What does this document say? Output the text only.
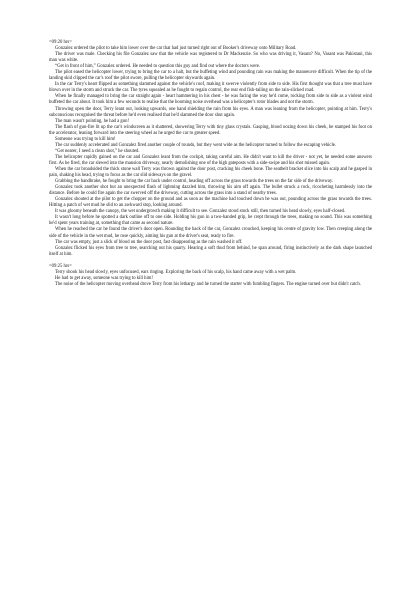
=09:20 hrs=

Gonzalez ordered the pilot to take him lower over the car that had just turned right out of Booker's driveway onto Military Road.

The driver was male. Checking his file Gonzalez saw that the vehicle was registered to Dr Mackenzie. So who was driving it, Vasant? No, Vasant was Pakistani, this man was white.

“Get in front of him,” Gonzalez ordered. He needed to question this guy and find out where the doctors were.

The pilot eased the helicopter lower, trying to bring the car to a halt, but the buffeting wind and pounding rain was making the manoeuvre difficult. When the tip of the landing skid clipped the car's roof the pilot swore, pulling the helicopter skywards again.

In the car Terry's heart flipped as something slammed against the vehicle's roof, making it swerve violently from side to side. His first thought was that a tree must have blown over in the storm and struck the car. The tyres squealed as he fought to regain control, the rear end fish-tailing on the rain-slicked road.

When he finally managed to bring the car straight again - heart hammering in his chest - he was facing the way he'd come, rocking from side to side as a violent wind buffeted the car about. It took him a few seconds to realise that the booming noise overhead was a helicopter's rotor blades and not the storm.

Throwing open the door, Terry leant out, looking upwards, one hand shielding the rain from his eyes. A man was leaning from the helicopter, pointing at him. Terry's subconscious recognised the threat before he'd even realised that he'd slammed the door shut again.

The man wasn't pointing, he had a gun!

The flash of gun-fire lit up the car's windscreen as it shattered, showering Terry with tiny glass crystals. Gasping, blood oozing down his cheek, he stamped his foot on the accelerator, leaning forward into the steering wheel as he urged the car to greater speed.

Someone was trying to kill him!

The car suddenly accelerated and Gonzalez fired another couple of rounds, but they went wide as the helicopter turned to follow the escaping vehicle.

“Get nearer, I need a clean shot,” he shouted.

The helicopter rapidly gained on the car and Gonzalez leant from the cockpit, taking careful aim. He didn't want to kill the driver - not yet, he needed some answers first. As he fired, the car slewed into the mansion driveway, nearly demolishing one of the high gateposts with a side-swipe and his shot missed again.

When the car broadsided the thick stone wall Terry was thrown against the door post, cracking his cheek bone. The seatbelt bracket slice into his scalp and he gasped in pain, shaking his head, trying to focus as the car slid sideways on the gravel.

Grabbing the handbrake, he fought to bring the car back under control, heading off across the grass towards the trees on the far side of the driveway.

Gonzalez took another shot but an unexpected flash of lightning dazzled him, throwing his aim off again. The bullet struck a rock, ricocheting harmlessly into the distance. Before he could fire again the car swerved off the driveway, cutting across the grass into a stand of nearby trees.

Gonzalez shouted at the pilot to get the chopper on the ground and as soon as the machine had touched down he was out, pounding across the grass towards the trees. Hitting a patch of wet mud he slid to an awkward stop, looking around.

It was gloomy beneath the canopy, the wet undergrowth making it difficult to see. Gonzalez stood stock still, then turned his head slowly, eyes half-closed.

It wasn't long before he spotted a dark outline off to one side. Holding his gun in a two-handed grip, he crept through the trees, making no sound. This was something he'd spent years training at, something that came as second nature.

When he reached the car he found the driver's door open. Rounding the back of the car, Gonzalez crouched, keeping his centre of gravity low. Then creeping along the side of the vehicle in the wet mud, he rose quickly, aiming his gun at the driver's seat, ready to fire.

The car was empty, just a slick of blood on the door post, fast disappearing as the rain washed it off.

Gonzalez flicked his eyes from tree to tree, searching out his quarry. Hearing a soft thud from behind, he span around, firing instinctively as the dark shape launched itself at him.

=09:25 hrs=

Terry shook his head slowly, eyes unfocused, ears ringing. Exploring the back of his scalp, his hand came away with a wet palm.

He had to get away, someone was trying to kill him!

The noise of the helicopter moving overhead drove Terry from his lethargy and he turned the starter with fumbling fingers. The engine turned over but didn't catch.
